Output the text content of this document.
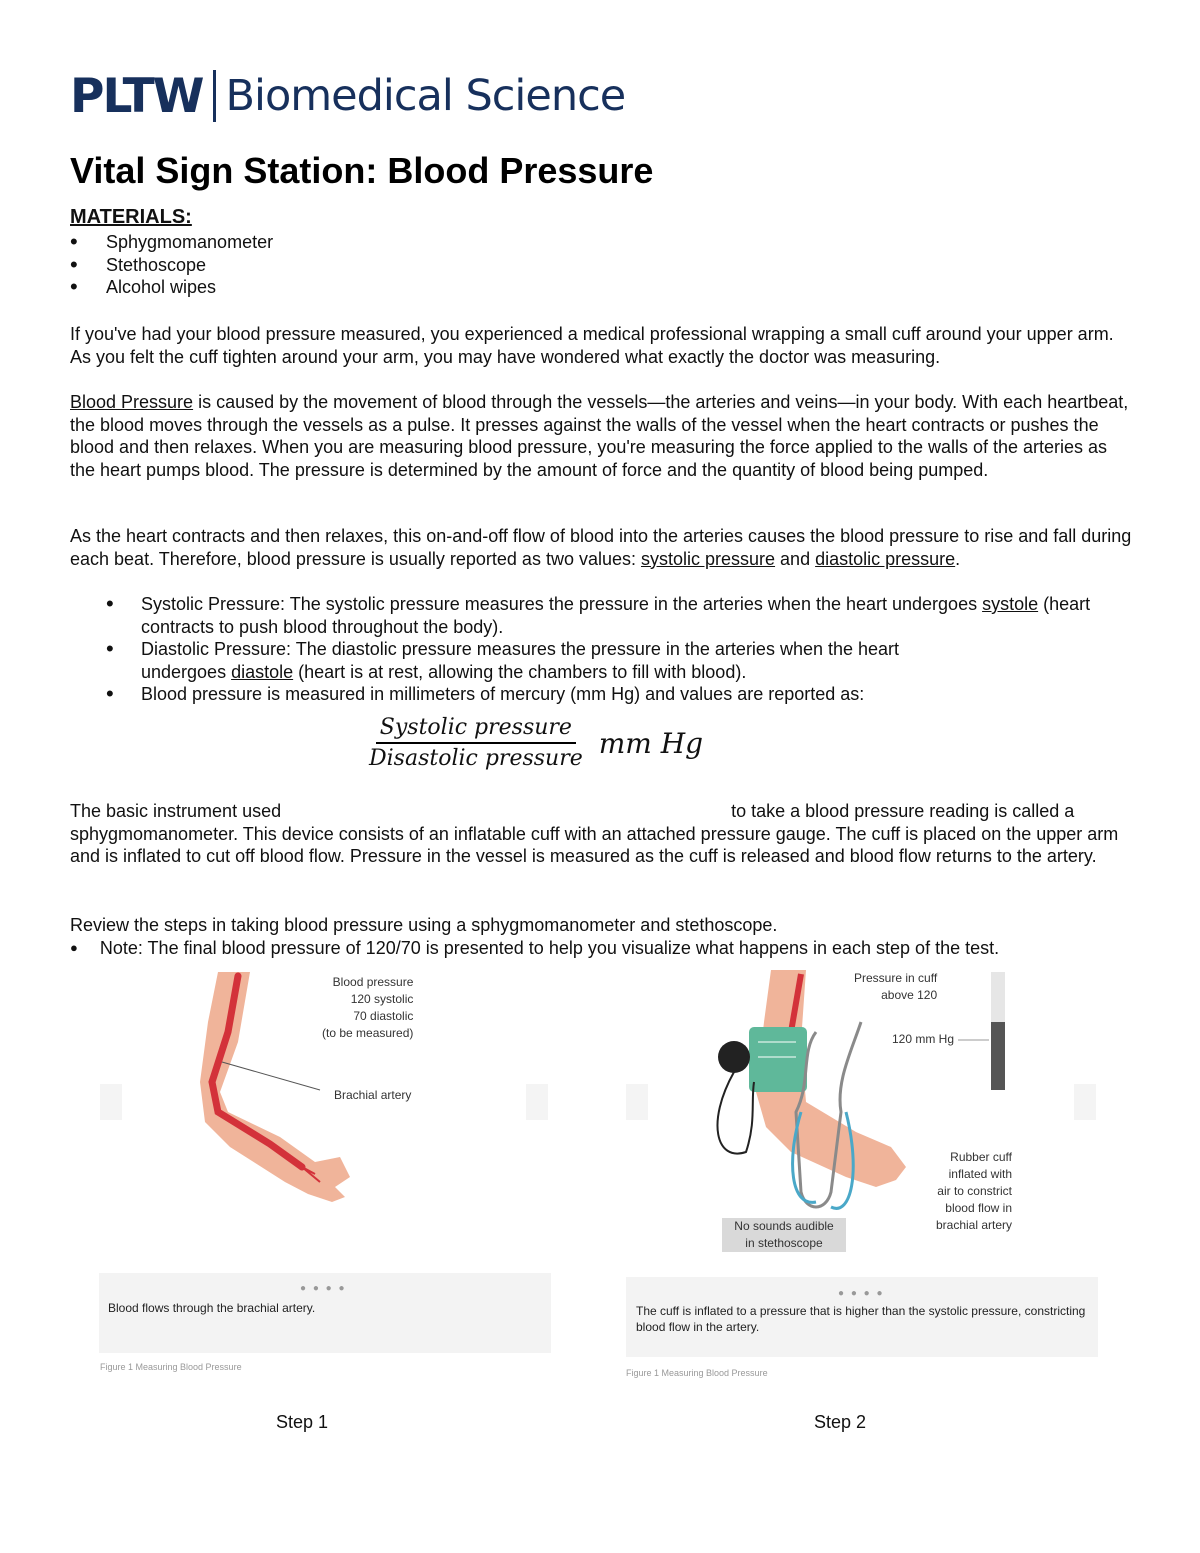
PLTW Biomedical Science
Vital Sign Station: Blood Pressure
MATERIALS:
• Sphygmomanometer
• Stethoscope
• Alcohol wipes

If you've had your blood pressure measured, you experienced a medical professional wrapping a small cuff around your upper arm. As you felt the cuff tighten around your arm, you may have wondered what exactly the doctor was measuring.

Blood Pressure is caused by the movement of blood through the vessels—the arteries and veins—in your body. With each heartbeat, the blood moves through the vessels as a pulse. It presses against the walls of the vessel when the heart contracts or pushes the blood and then relaxes. When you are measuring blood pressure, you're measuring the force applied to the walls of the arteries as the heart pumps blood. The pressure is determined by the amount of force and the quantity of blood being pumped.

As the heart contracts and then relaxes, this on-and-off flow of blood into the arteries causes the blood pressure to rise and fall during each beat. Therefore, blood pressure is usually reported as two values: systolic pressure and diastolic pressure.

• Systolic Pressure: The systolic pressure measures the pressure in the arteries when the heart undergoes systole (heart contracts to push blood throughout the body).
• Diastolic Pressure: The diastolic pressure measures the pressure in the arteries when the heart undergoes diastole (heart is at rest, allowing the chambers to fill with blood).
• Blood pressure is measured in millimeters of mercury (mm Hg) and values are reported as:
$\frac{\text{Systolic pressure}}{\text{Disastolic pressure}}$ mm Hg

The basic instrument used	to take a blood pressure reading is called a sphygmomanometer. This device consists of an inflatable cuff with an attached pressure gauge. The cuff is placed on the upper arm and is inflated to cut off blood flow. Pressure in the vessel is measured as the cuff is released and blood flow returns to the artery.

Review the steps in taking blood pressure using a sphygmomanometer and stethoscope.

● Note: The final blood pressure of 120/70 is presented to help you visualize what happens in each step of the test.
Blood pressure
120 systolic
70 diastolic
(to be measured)
Brachial artery
● ● ● ●
Blood flows through the brachial artery.
Figure 1 Measuring Blood Pressure
Pressure in cuff
above 120
120 mm Hg
Rubber cuff
inflated with
air to constrict
blood flow in
brachial artery
No sounds audible
in stethoscope
● ● ● ●
The cuff is inflated to a pressure that is higher than the systolic pressure, constricting blood flow in the artery.
Figure 1 Measuring Blood Pressure
Step 1	Step 2
